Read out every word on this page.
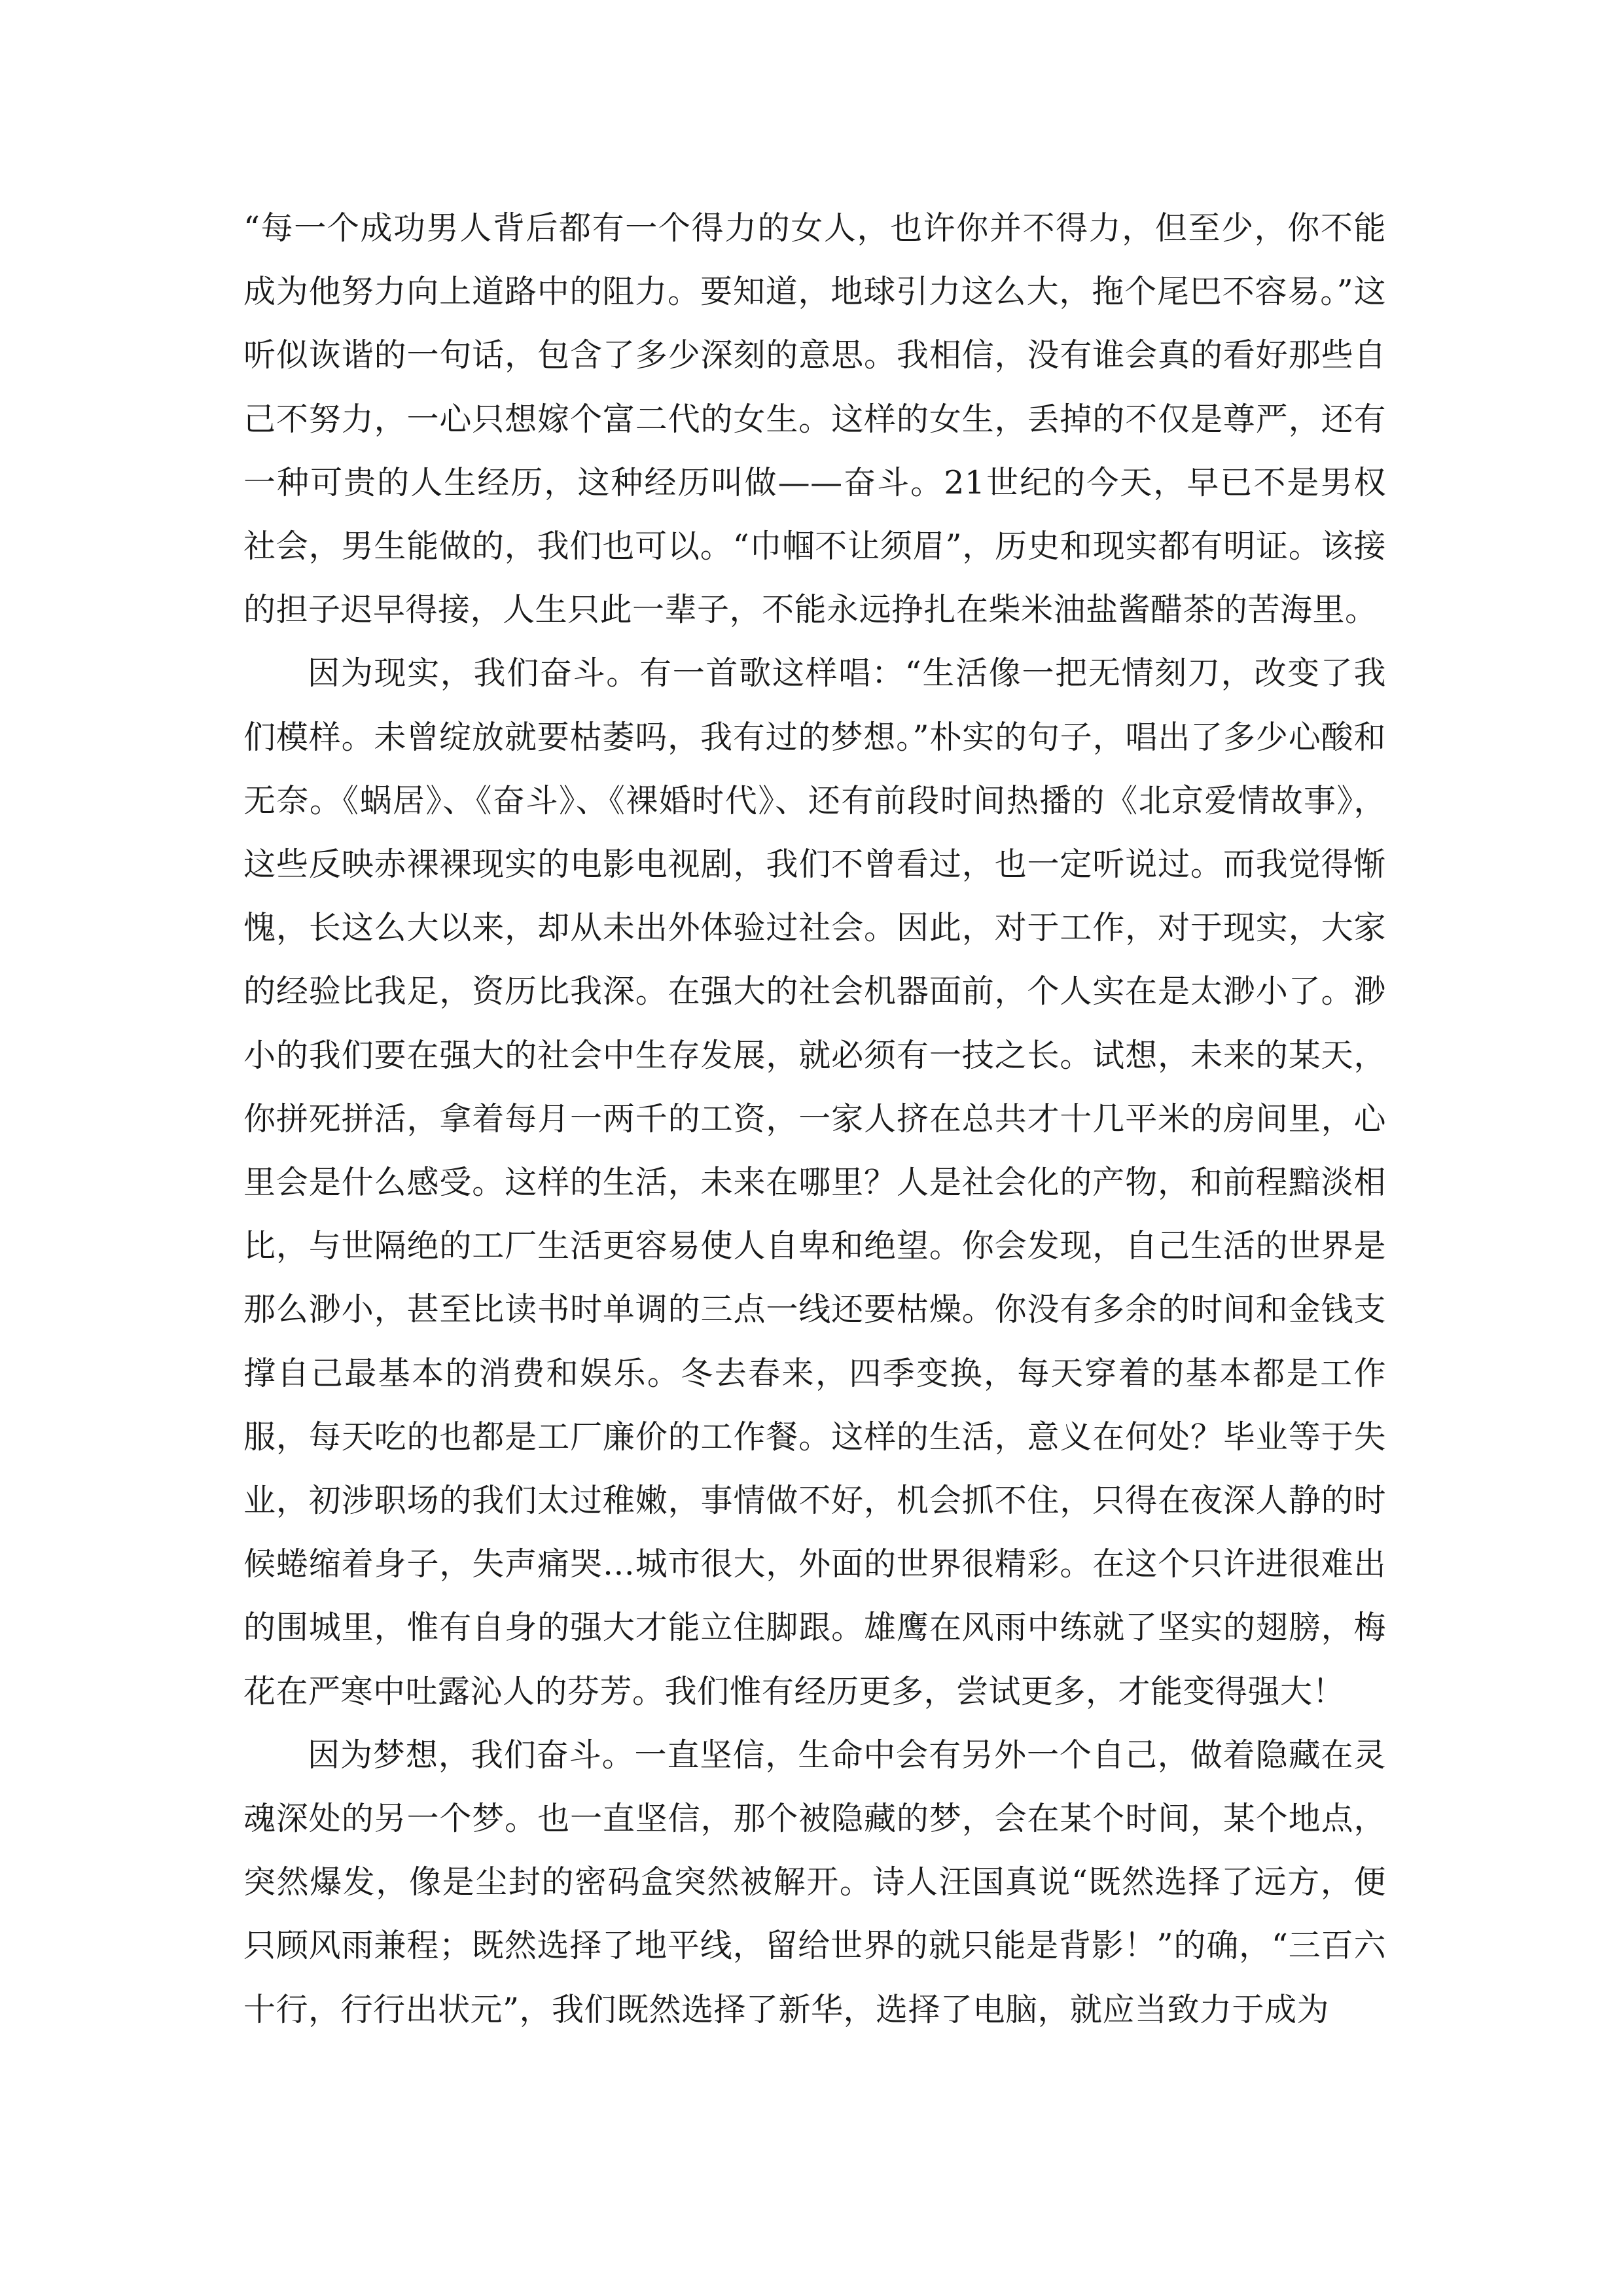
“每一个成功男人背后都有一个得力的女人，也许你并不得力，但至少，你不能成为他努力向上道路中的阻力。要知道，地球引力这么大，拖个尾巴不容易。”这听似诙谐的一句话，包含了多少深刻的意思。我相信，没有谁会真的看好那些自己不努力，一心只想嫁个富二代的女生。这样的女生，丢掉的不仅是尊严，还有一种可贵的人生经历，这种经历叫做——奋斗。21世纪的今天，早已不是男权社会，男生能做的，我们也可以。“巾帼不让须眉”，历史和现实都有明证。该接的担子迟早得接，人生只此一辈子，不能永远挣扎在柴米油盐酱醋茶的苦海里。

因为现实，我们奋斗。有一首歌这样唱：“生活像一把无情刻刀，改变了我们模样。未曾绽放就要枯萎吗，我有过的梦想。”朴实的句子，唱出了多少心酸和无奈。《蜗居》、《奋斗》、《裸婚时代》、还有前段时间热播的《北京爱情故事》，这些反映赤裸裸现实的电影电视剧，我们不曾看过，也一定听说过。而我觉得惭愧，长这么大以来，却从未出外体验过社会。因此，对于工作，对于现实，大家的经验比我足，资历比我深。在强大的社会机器面前，个人实在是太渺小了。渺小的我们要在强大的社会中生存发展，就必须有一技之长。试想，未来的某天，你拼死拼活，拿着每月一两千的工资，一家人挤在总共才十几平米的房间里，心里会是什么感受。这样的生活，未来在哪里？人是社会化的产物，和前程黯淡相比，与世隔绝的工厂生活更容易使人自卑和绝望。你会发现，自己生活的世界是那么渺小，甚至比读书时单调的三点一线还要枯燥。你没有多余的时间和金钱支撑自己最基本的消费和娱乐。冬去春来，四季变换，每天穿着的基本都是工作服，每天吃的也都是工厂廉价的工作餐。这样的生活，意义在何处？毕业等于失业，初涉职场的我们太过稚嫩，事情做不好，机会抓不住，只得在夜深人静的时候蜷缩着身子，失声痛哭…城市很大，外面的世界很精彩。在这个只许进很难出的围城里，惟有自身的强大才能立住脚跟。雄鹰在风雨中练就了坚实的翅膀，梅花在严寒中吐露沁人的芬芳。我们惟有经历更多，尝试更多，才能变得强大！

因为梦想，我们奋斗。一直坚信，生命中会有另外一个自己，做着隐藏在灵魂深处的另一个梦。也一直坚信，那个被隐藏的梦，会在某个时间，某个地点，突然爆发，像是尘封的密码盒突然被解开。诗人汪国真说“既然选择了远方，便只顾风雨兼程；既然选择了地平线，留给世界的就只能是背影！”的确，“三百六十行，行行出状元”，我们既然选择了新华，选择了电脑，就应当致力于成为
